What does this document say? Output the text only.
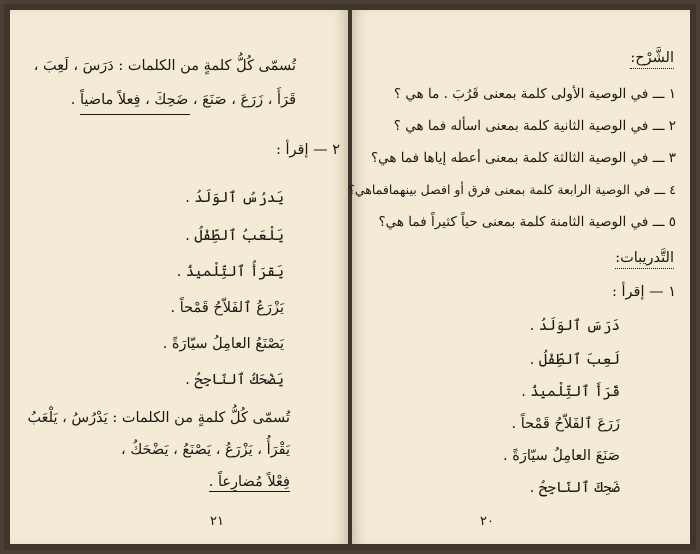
تُسمّى كُلُّ كلمةٍ من الكلمات : دَرَسَ ، لَعِبَ ،
قَرَأَ ، زَرَعَ ، صَنَعَ ، ضَحِكَ ، فِعلاً ماضياً .
٢ — إقرأ :
يَدرُسُ ٱلوَلَدُ .
يَلْعَبُ ٱلطِّفْلُ .
يَقرَأُ ٱلتِّلْميذُ .
يَزْرَعُ ٱلفَلاّحُ قَمْحاً .
يَصْنَعُ العامِلُ سيّارَةً .
يَضْحَكُ ٱلنّاجِحُ .
تُسمّى كُلُّ كلمةٍ من الكلمات : يَدْرُسُ ، يَلْعَبُ
يَقْرَأُ ، يَزْرَعُ ، يَصْنَعُ ، يَضْحَكُ ،
فِعْلاً مُضارِعاً .
٢١
الشَّرْح:
١ ـــ في الوصية الأولى كلمة بمعنى قَرُبَ . ما هي ؟
٢ ـــ في الوصية الثانية كلمة بمعنى اسأله فما هي ؟
٣ ـــ في الوصية الثالثة كلمة بمعنى أعطه إياها فما هي؟
٤ ـــ في الوصية الرابعة كلمة بمعنى فرق أو افصل بينهمافماهي؟
٥ ـــ في الوصية الثامنة كلمة بمعنى حياً كثيراً فما هي؟
التَّدريبات:
١ — إقرأ :
دَرَسَ ٱلوَلَدُ .
لَعِبَ ٱلطِّفْلُ .
قَرَأَ ٱلتِّلْميذُ .
زَرَعَ ٱلفَلاّحُ قَمْحاً .
صَنَعَ العامِلُ سيّارَةً .
ضَحِكَ ٱلنّاجِحُ .
٢٠
